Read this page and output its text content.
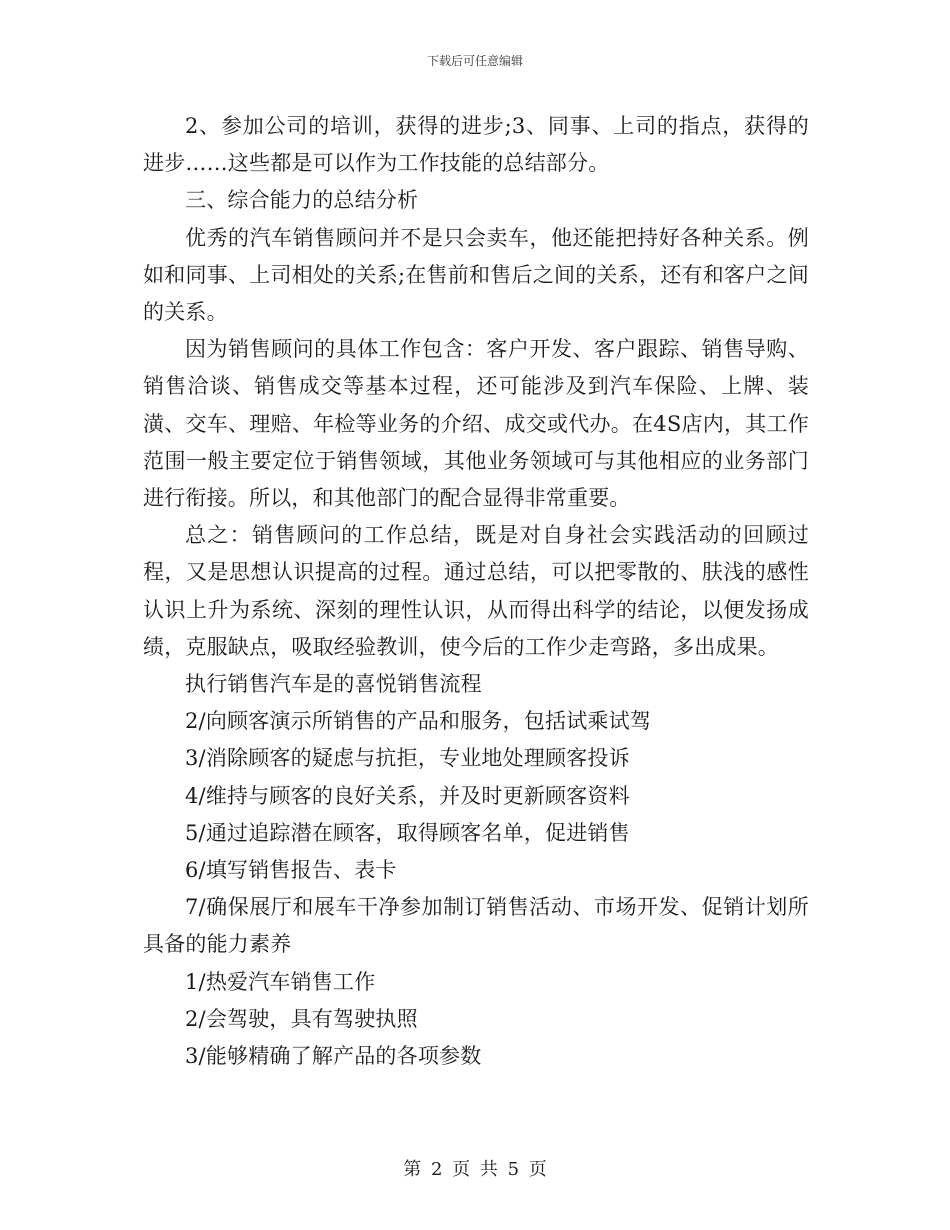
下载后可任意编辑

2、参加公司的培训，获得的进步;3、同事、上司的指点，获得的进步……这些都是可以作为工作技能的总结部分。

三、综合能力的总结分析

优秀的汽车销售顾问并不是只会卖车，他还能把持好各种关系。例如和同事、上司相处的关系;在售前和售后之间的关系，还有和客户之间的关系。

因为销售顾问的具体工作包含：客户开发、客户跟踪、销售导购、销售洽谈、销售成交等基本过程，还可能涉及到汽车保险、上牌、装潢、交车、理赔、年检等业务的介绍、成交或代办。在4S店内，其工作范围一般主要定位于销售领域，其他业务领域可与其他相应的业务部门进行衔接。所以，和其他部门的配合显得非常重要。

总之：销售顾问的工作总结，既是对自身社会实践活动的回顾过程，又是思想认识提高的过程。通过总结，可以把零散的、肤浅的感性认识上升为系统、深刻的理性认识，从而得出科学的结论，以便发扬成绩，克服缺点，吸取经验教训，使今后的工作少走弯路，多出成果。

执行销售汽车是的喜悦销售流程

2/向顾客演示所销售的产品和服务，包括试乘试驾

3/消除顾客的疑虑与抗拒，专业地处理顾客投诉

4/维持与顾客的良好关系，并及时更新顾客资料

5/通过追踪潜在顾客，取得顾客名单，促进销售

6/填写销售报告、表卡

7/确保展厅和展车干净参加制订销售活动、市场开发、促销计划所具备的能力素养

1/热爱汽车销售工作

2/会驾驶，具有驾驶执照

3/能够精确了解产品的各项参数

第 2 页 共 5 页
